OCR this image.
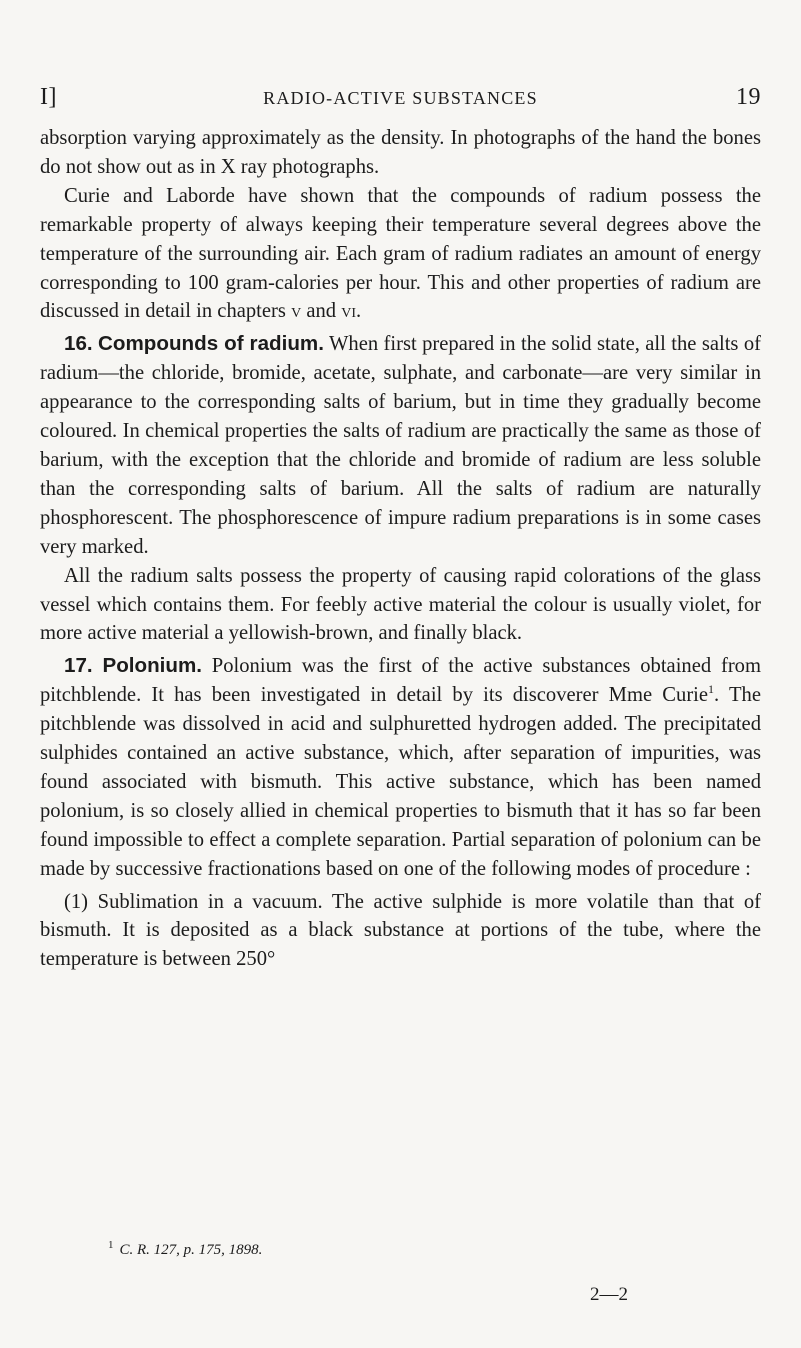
I]	RADIO-ACTIVE SUBSTANCES	19

absorption varying approximately as the density. In photographs of the hand the bones do not show out as in X ray photographs.

Curie and Laborde have shown that the compounds of radium possess the remarkable property of always keeping their temperature several degrees above the temperature of the surrounding air. Each gram of radium radiates an amount of energy corresponding to 100 gram-calories per hour. This and other properties of radium are discussed in detail in chapters v and vi.

16. Compounds of radium. When first prepared in the solid state, all the salts of radium—the chloride, bromide, acetate, sulphate, and carbonate—are very similar in appearance to the corresponding salts of barium, but in time they gradually become coloured. In chemical properties the salts of radium are practically the same as those of barium, with the exception that the chloride and bromide of radium are less soluble than the corresponding salts of barium. All the salts of radium are naturally phosphorescent. The phosphorescence of impure radium preparations is in some cases very marked.

All the radium salts possess the property of causing rapid colorations of the glass vessel which contains them. For feebly active material the colour is usually violet, for more active material a yellowish-brown, and finally black.

17. Polonium. Polonium was the first of the active substances obtained from pitchblende. It has been investigated in detail by its discoverer Mme Curie$^1$. The pitchblende was dissolved in acid and sulphuretted hydrogen added. The precipitated sulphides contained an active substance, which, after separation of impurities, was found associated with bismuth. This active substance, which has been named polonium, is so closely allied in chemical properties to bismuth that it has so far been found impossible to effect a complete separation. Partial separation of polonium can be made by successive fractionations based on one of the following modes of procedure :

(1) Sublimation in a vacuum. The active sulphide is more volatile than that of bismuth. It is deposited as a black substance at portions of the tube, where the temperature is between 250°

$^1$ C. R. 127, p. 175, 1898.
2—2
